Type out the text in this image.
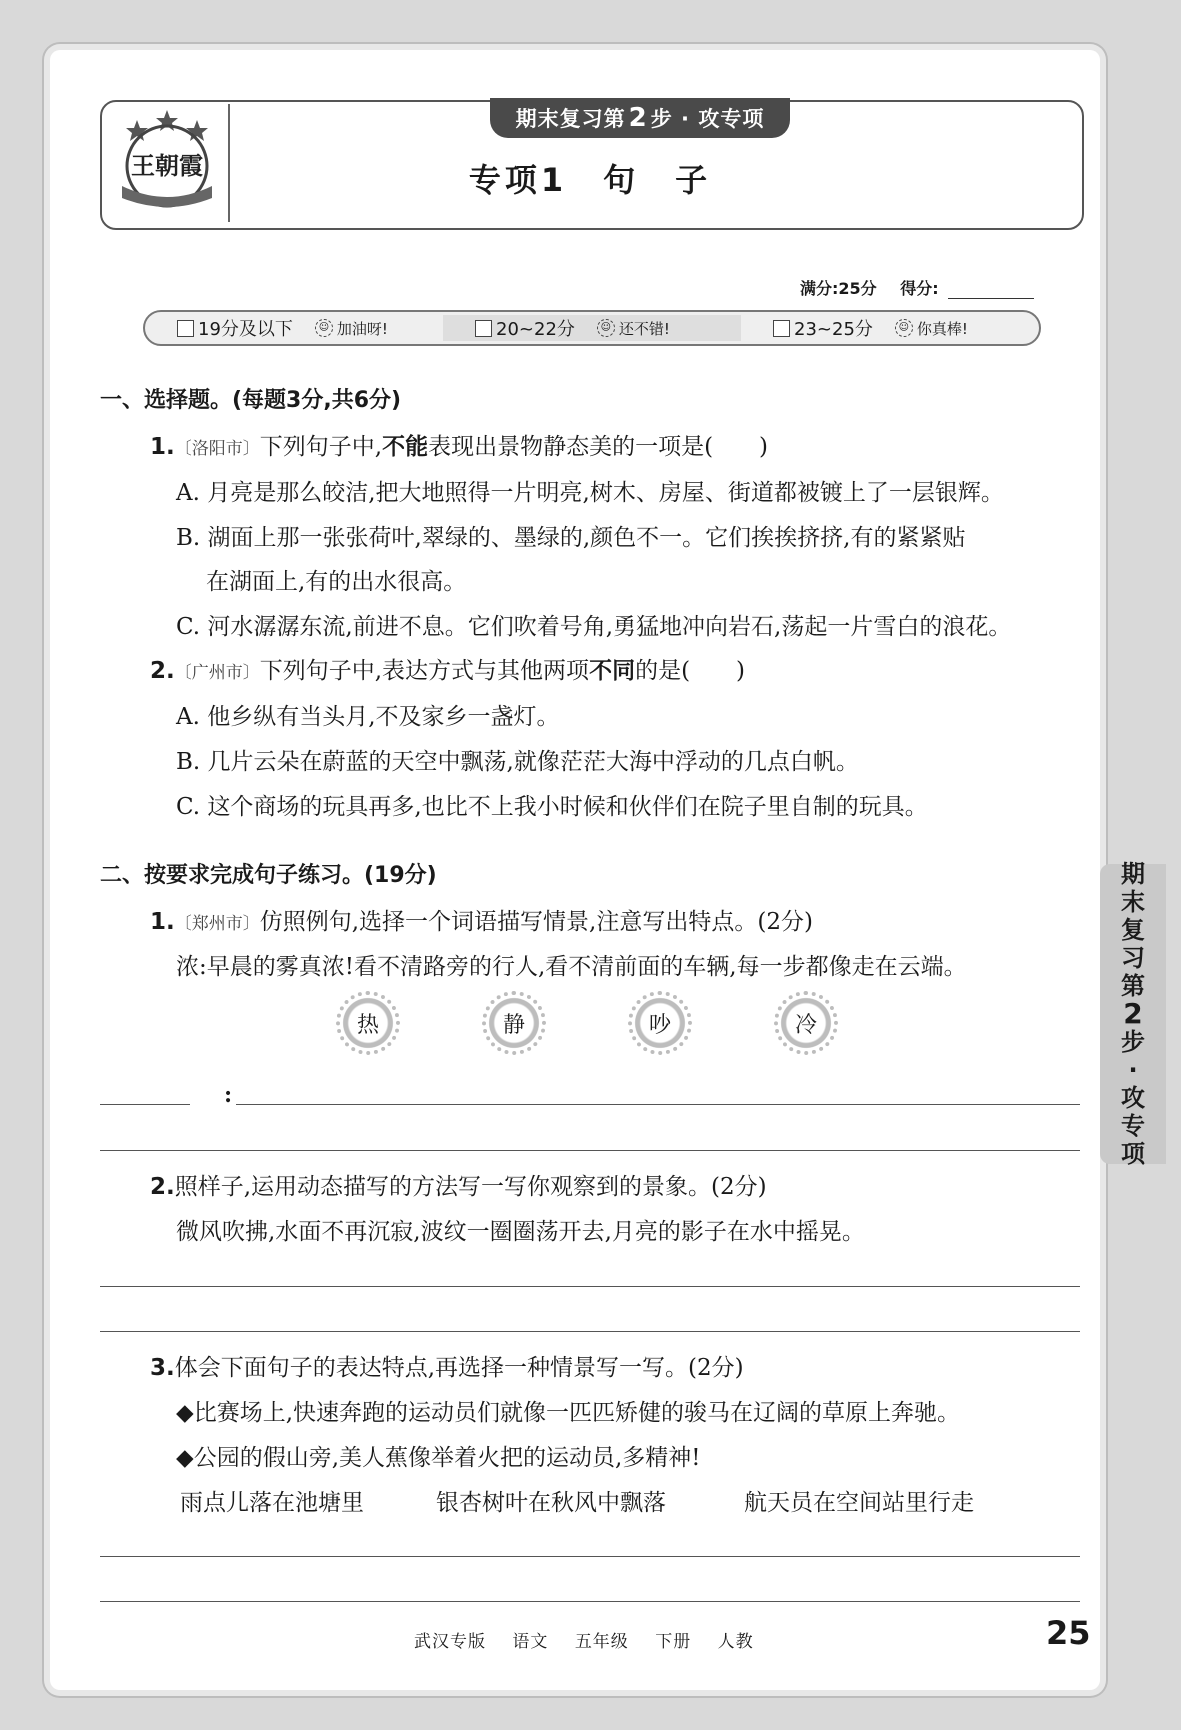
王朝霞
期末复习第 2 步 · 攻专项
专项1　句　子
满分:25分 得分:
19分及以下	☺ 加油呀!	20~22分	☺ 还不错!	23~25分	☺ 你真棒!
一、选择题。(每题3分,共6分)
1.〔洛阳市〕下列句子中,不能表现出景物静态美的一项是(　　)
A. 月亮是那么皎洁,把大地照得一片明亮,树木、房屋、街道都被镀上了一层银辉。
B. 湖面上那一张张荷叶,翠绿的、墨绿的,颜色不一。它们挨挨挤挤,有的紧紧贴
在湖面上,有的出水很高。
C. 河水潺潺东流,前进不息。它们吹着号角,勇猛地冲向岩石,荡起一片雪白的浪花。
2.〔广州市〕下列句子中,表达方式与其他两项不同的是(　　)
A. 他乡纵有当头月,不及家乡一盏灯。
B. 几片云朵在蔚蓝的天空中飘荡,就像茫茫大海中浮动的几点白帆。
C. 这个商场的玩具再多,也比不上我小时候和伙伴们在院子里自制的玩具。
二、按要求完成句子练习。(19分)
1.〔郑州市〕仿照例句,选择一个词语描写情景,注意写出特点。(2分)
浓:早晨的雾真浓!看不清路旁的行人,看不清前面的车辆,每一步都像走在云端。
热	静	吵	冷
:
2.照样子,运用动态描写的方法写一写你观察到的景象。(2分)
微风吹拂,水面不再沉寂,波纹一圈圈荡开去,月亮的影子在水中摇晃。
3.体会下面句子的表达特点,再选择一种情景写一写。(2分)
◆比赛场上,快速奔跑的运动员们就像一匹匹矫健的骏马在辽阔的草原上奔驰。
◆公园的假山旁,美人蕉像举着火把的运动员,多精神!
雨点儿落在池塘里	银杏树叶在秋风中飘落	航天员在空间站里行走
期
末
复
习
第
2
步
·
攻
专
项
武汉专版 语文 五年级 下册 人教	25
